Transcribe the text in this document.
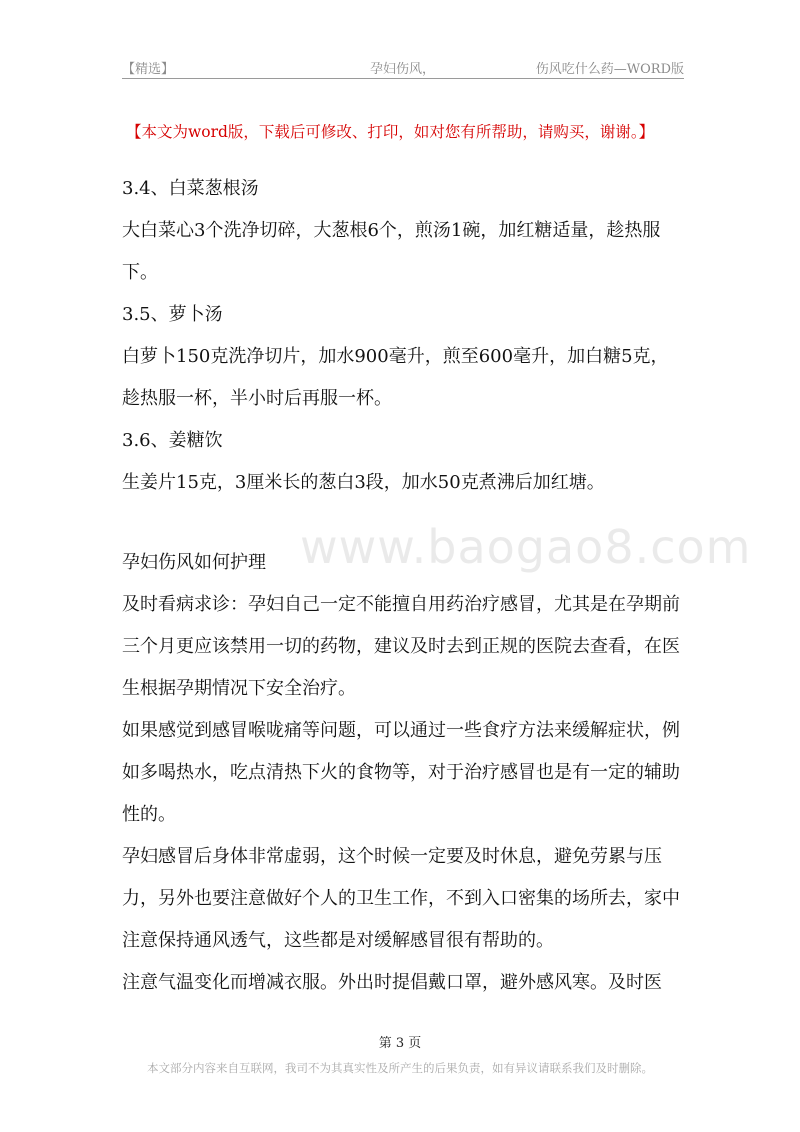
【精选】	孕妇伤风，	伤风吃什么药—WORD版
【本文为word版，下载后可修改、打印，如对您有所帮助，请购买，谢谢。】
www.baogao8.com

3.4、白菜葱根汤

大白菜心3个洗净切碎，大葱根6个，煎汤1碗，加红糖适量，趁热服下。

3.5、萝卜汤

白萝卜150克洗净切片，加水900毫升，煎至600毫升，加白糖5克，趁热服一杯，半小时后再服一杯。

3.6、姜糖饮

生姜片15克，3厘米长的葱白3段，加水50克煮沸后加红塘。

孕妇伤风如何护理

及时看病求诊：孕妇自己一定不能擅自用药治疗感冒，尤其是在孕期前三个月更应该禁用一切的药物，建议及时去到正规的医院去查看，在医生根据孕期情况下安全治疗。

如果感觉到感冒喉咙痛等问题，可以通过一些食疗方法来缓解症状，例如多喝热水，吃点清热下火的食物等，对于治疗感冒也是有一定的辅助性的。

孕妇感冒后身体非常虚弱，这个时候一定要及时休息，避免劳累与压力，另外也要注意做好个人的卫生工作，不到入口密集的场所去，家中注意保持通风透气，这些都是对缓解感冒很有帮助的。

注意气温变化而增减衣服。外出时提倡戴口罩，避外感风寒。及时医

第 3 页
本文部分内容来自互联网，我司不为其真实性及所产生的后果负责，如有异议请联系我们及时删除。
